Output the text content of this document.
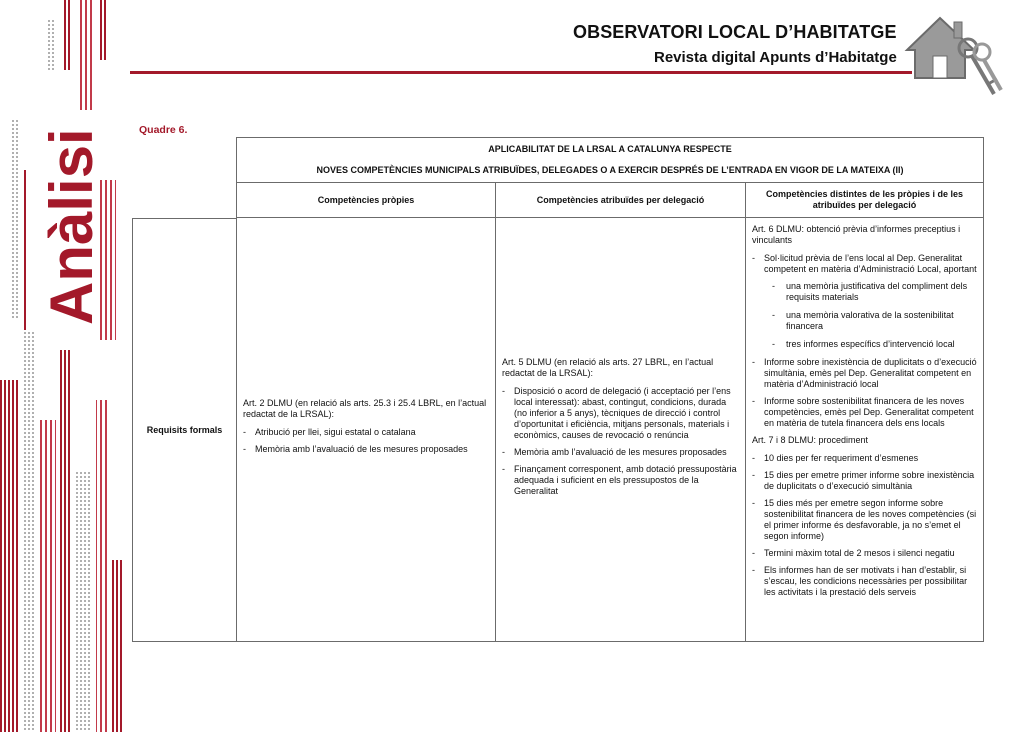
Anàlisi
OBSERVATORI LOCAL D’HABITATGE
Revista digital Apunts d’Habitatge
Quadre 6.
APLICABILITAT DE LA LRSAL A CATALUNYA RESPECTE
NOVES COMPETÈNCIES MUNICIPALS ATRIBUÏDES, DELEGADES O A EXERCIR DESPRÉS DE L’ENTRADA EN VIGOR DE LA MATEIXA (II)
Competències pròpies	Competències atribuïdes per delegació
Competències distintes de les pròpies i de les atribuïdes per delegació
Requisits formals

Art. 2 DLMU (en relació als arts. 25.3 i 25.4 LBRL, en l’actual redactat de la LRSAL):

- Atribució per llei, sigui estatal o catalana

- Memòria amb l’avaluació de les mesures proposades

Art. 5 DLMU (en relació als arts. 27 LBRL, en l’actual redactat de la LRSAL):

- Disposició o acord de delegació (i acceptació per l’ens local interessat): abast, contingut, condicions, durada (no inferior a 5 anys), tècniques de direcció i control d’oportunitat i eficiència, mitjans personals, materials i econòmics, causes de revocació o renúncia

- Memòria amb l’avaluació de les mesures proposades

- Finançament corresponent, amb dotació pressupostària adequada i suficient en els pressupostos de la Generalitat

Art. 6 DLMU: obtenció prèvia d’informes preceptius i vinculants

- Sol·licitud prèvia de l’ens local al Dep. Generalitat competent en matèria d’Administració Local, aportant

- una memòria justificativa del compliment dels requisits materials

- una memòria valorativa de la sostenibilitat financera

- tres informes específics d’intervenció local

- Informe sobre inexistència de duplicitats o d’execució simultània, emès pel Dep. Generalitat competent en matèria d’Administració local

- Informe sobre sostenibilitat financera de les noves competències, emès pel Dep. Generalitat competent en matèria de tutela financera dels ens locals

Art. 7 i 8 DLMU: procediment

- 10 dies per fer requeriment d’esmenes

- 15 dies per emetre primer informe sobre inexistència de duplicitats o d’execució simultània

- 15 dies més per emetre segon informe sobre sostenibilitat financera de les noves competències (si el primer informe és desfavorable, ja no s’emet el segon informe)

- Termini màxim total de 2 mesos i silenci negatiu

- Els informes han de ser motivats i han d’establir, si s’escau, les condicions necessàries per possibilitar les activitats i la prestació dels serveis
